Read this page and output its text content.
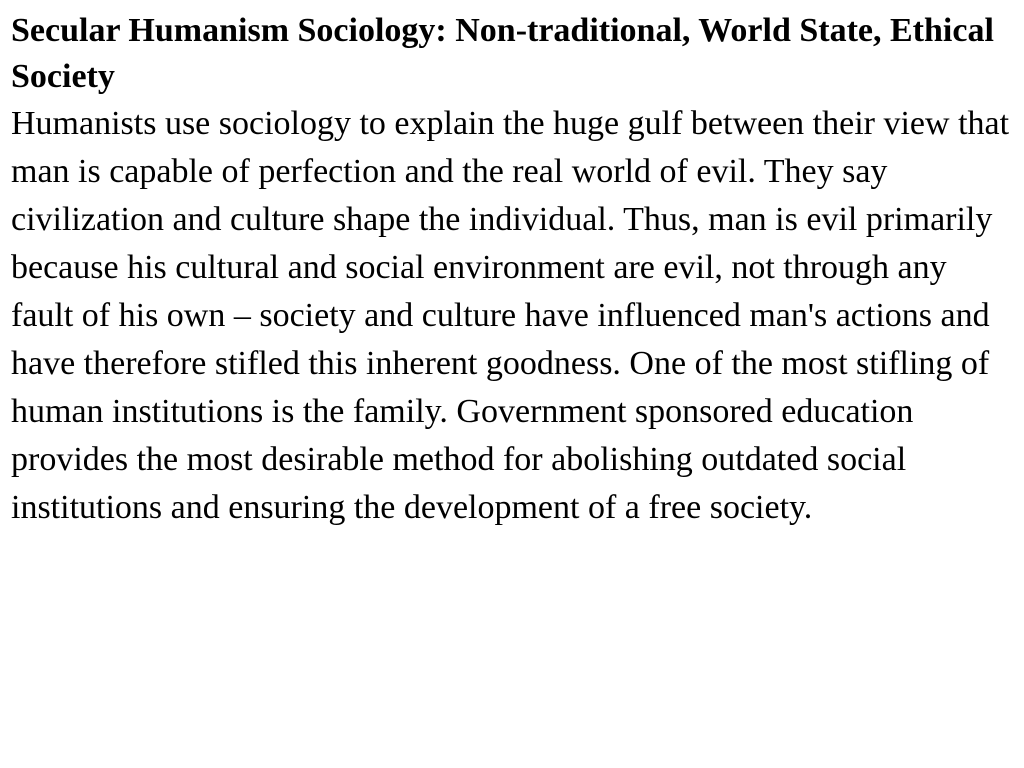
Secular Humanism Sociology: Non-traditional, World State, Ethical Society

Humanists use sociology to explain the huge gulf between their view that man is capable of perfection and the real world of evil. They say civilization and culture shape the individual. Thus, man is evil primarily because his cultural and social environment are evil, not through any fault of his own – society and culture have influenced man's actions and have therefore stifled this inherent goodness. One of the most stifling of human institutions is the family. Government sponsored education provides the most desirable method for abolishing outdated social institutions and ensuring the development of a free society.
